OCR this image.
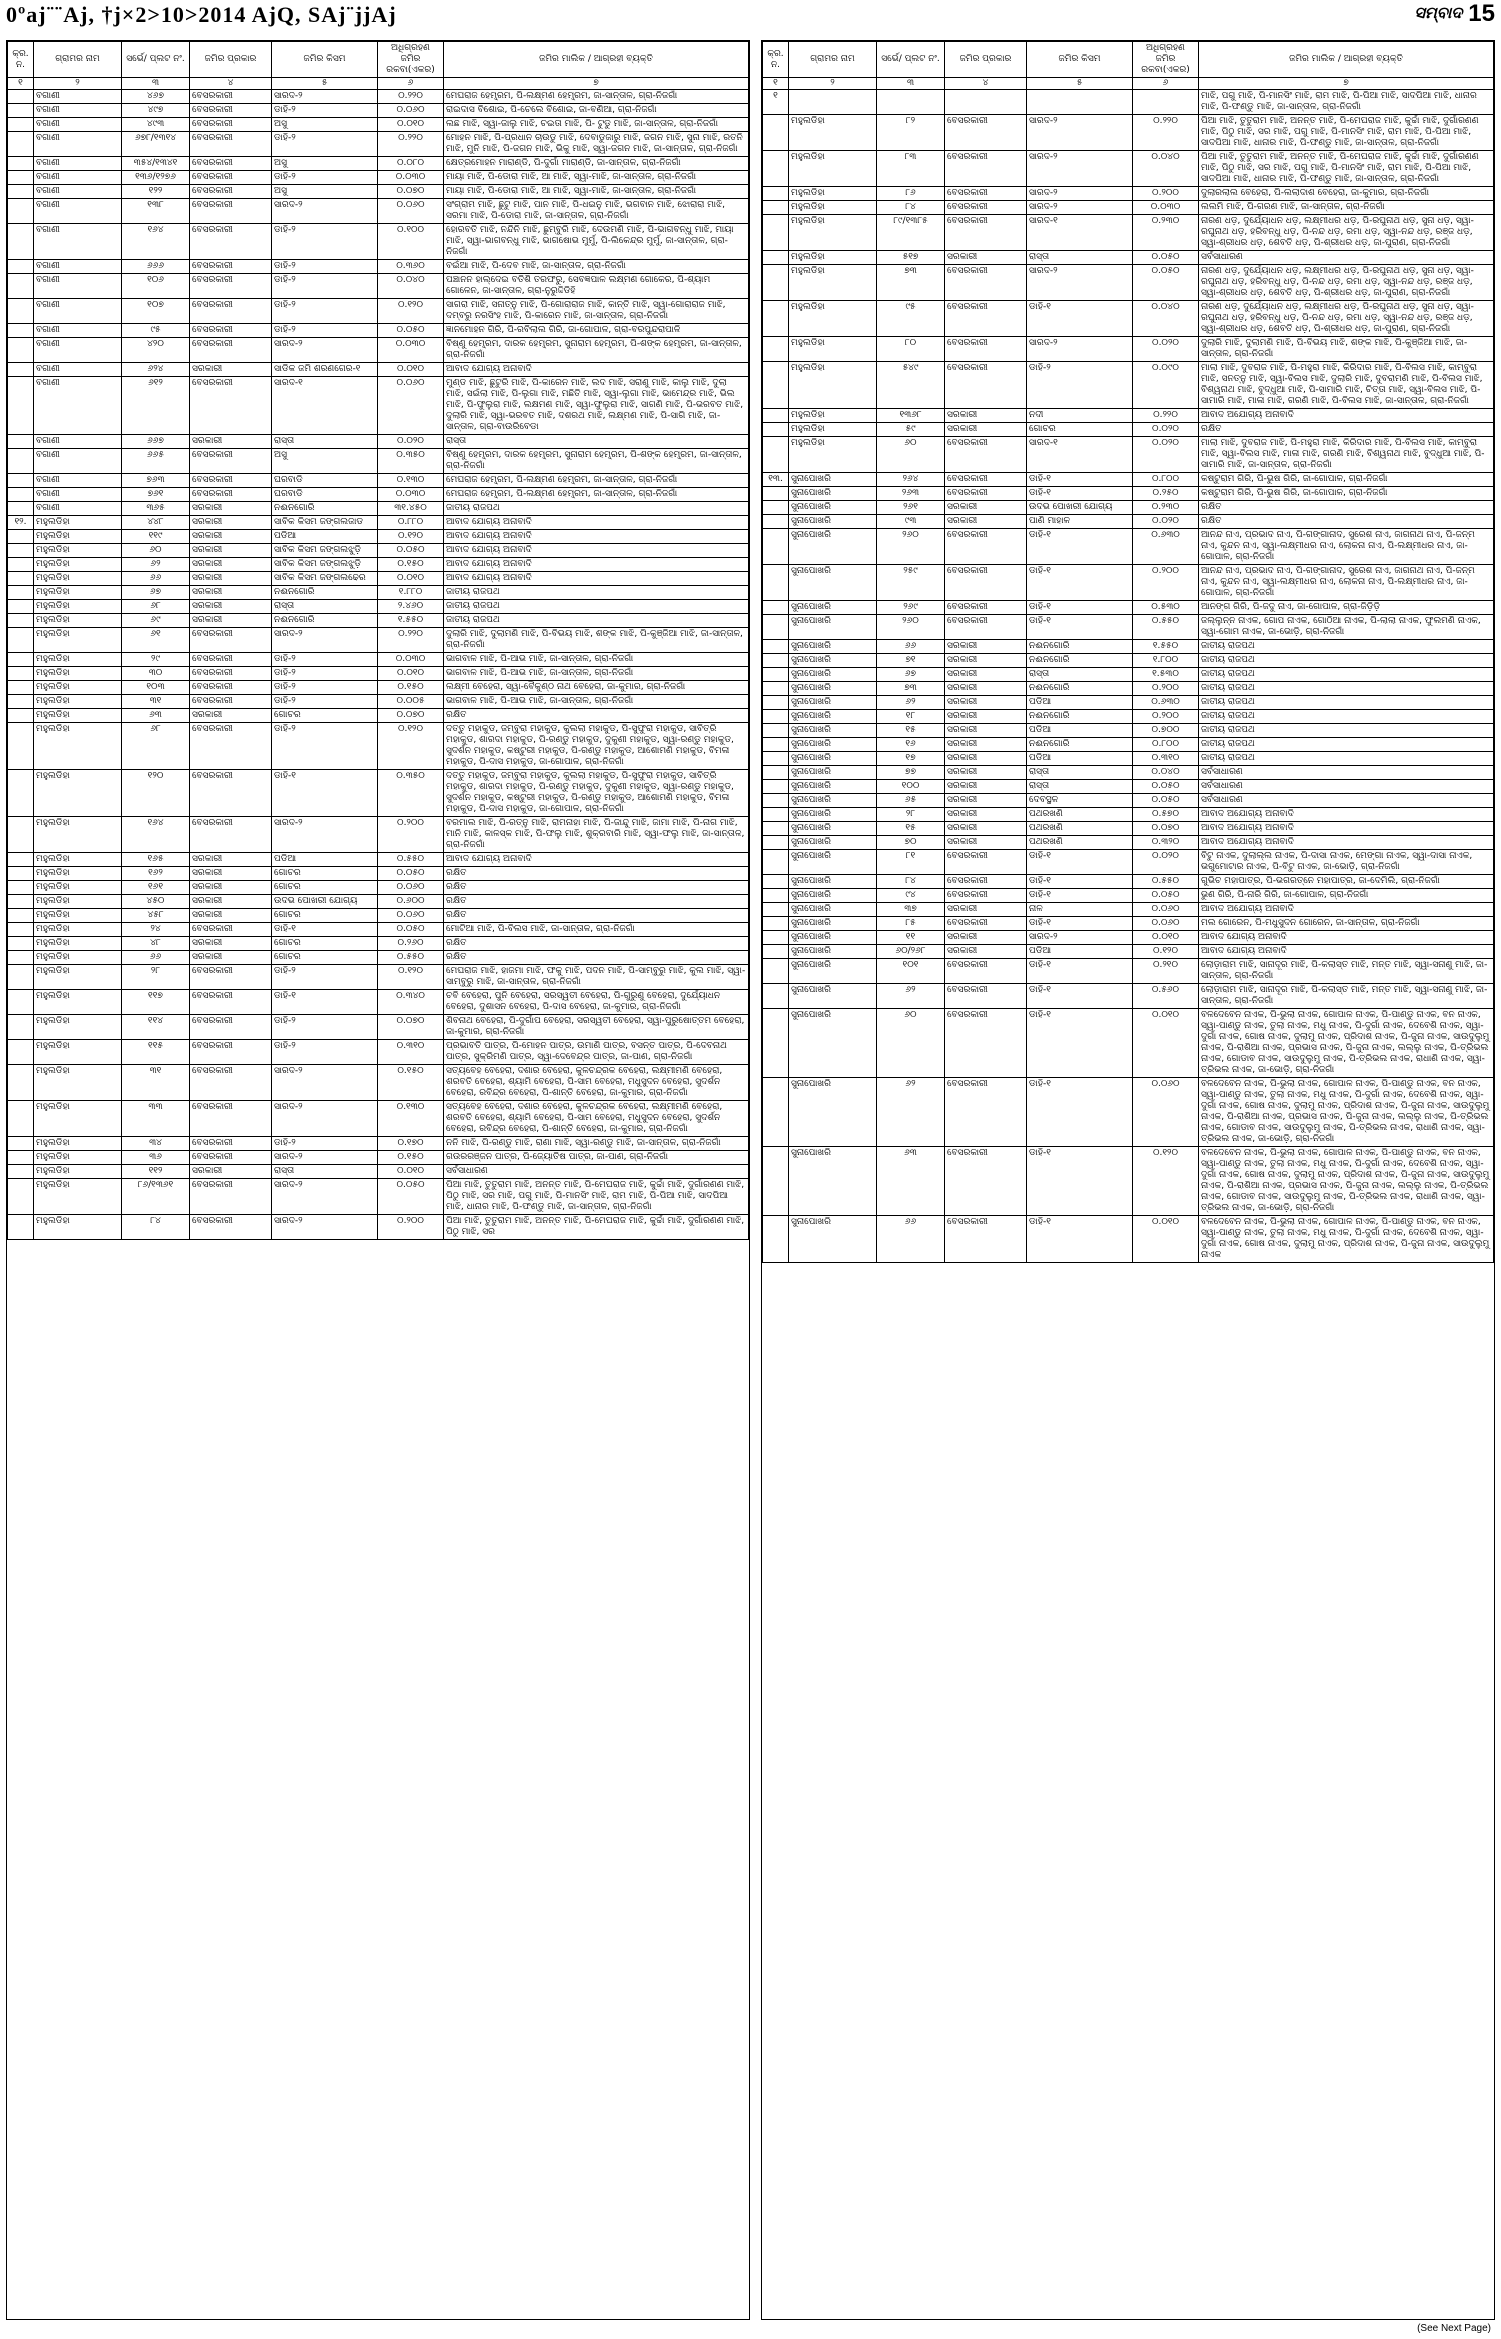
0ºaj¨¨Aj, †j×2>10>2014 AjQ, SAj¨jjAj	ସମ୍ବାଦ 15
କ୍ର. ନ.	ଗ୍ରାମର ନାମ	ସର୍ଭେ/ ପ୍ଲଟ ନଂ.	ଜମିର ପ୍ରକାର	ଜମିର କିସମ	ଅଧିଗ୍ରହଣ ଜମିର ରକବା(ଏକର)	ଜମିର ମାଲିକ / ଆଗ୍ରହୀ ବ୍ୟକ୍ତି
୧	୨	୩	୪	୫	୬	୭
	ବଗାଣୀ	୪୬୭	ବେସରକାରୀ	ସାରଦ-୨	୦.୨୨୦	ମେଘରାଜ ହେମ୍ବ୍ରମ, ପି-ଲକ୍ଷ୍ମଣ ହେମ୍ବ୍ରମ, ଜା-ସାନ୍ତାଳ, ଗ୍ରା-ନିଜଗାଁ
	ବଗାଣୀ	୪୯୭	ବେସରକାରୀ	ଡାହି-୨	୦.୦୬୦	ରାଇଦାସ ବିଶୋଇ, ପି-ଚେଲେ ବିଶୋଇ, ଜା-ବଣିଆ, ଗ୍ରା-ନିଜଗାଁ
	ବଗାଣୀ	୪୯୩	ବେସରକାରୀ	ଅସୁ	୦.୦୧୦	ଲଛ ମାଝି, ସ୍ୱା-ଜାଲୁ ମାଝି, ଚଇତା ମାଝି, ପି- ଟୁଡୁ ମାଝି, ଜା-ସାନ୍ତାଳ, ଗ୍ରା-ନିଜଗାଁ
	ବଗାଣୀ	୬୭୮/୧୩୧୪	ବେସରକାରୀ	ଡାହି-୨	୦.୨୨୦	ମୋହନ ମାଝି, ପି-ପ୍ରଧାନ ଚାଉଡୁ ମାଝି, ଦେବାଡୁଜାରୁ ମାଝି, ଜଗନ ମାଝି, ସୁନା ମାଝି, ରତନି ମାଝି, ମୁନି ମାଝି, ପି-ଜଗନ ମାଝି, ଭିକୁ ମାଝି, ସ୍ୱା-ଜଗନ ମାଝି, ଜା-ସାନ୍ତାଳ, ଗ୍ରା-ନିଜଗାଁ
	ବଗାଣୀ	୩୫୪/୧୩୪୧	ବେସରକାରୀ	ଅସୁ	୦.୦୮୦	କ୍ଷେତ୍ରମୋହନ ମାରାଣ୍ଡି, ପି-ଦୁର୍ଗା ମାରାଣ୍ଡି, ଜା-ସାନ୍ତାଳ, ଗ୍ରା-ନିଜଗାଁ
	ବଗାଣୀ	୧୩୬/୧୨୭୬	ବେସରକାରୀ	ଡାହି-୨	୦.୦୩୦	ମାୟା ମାଝି, ପି-ଡୋରା ମାଝି, ଆ ମାଝି, ସ୍ୱା-ମାଝି, ଜା-ସାନ୍ତାଳ, ଗ୍ରା-ନିଜଗାଁ
	ବଗାଣୀ	୧୨୨	ବେସରକାରୀ	ଅସୁ	୦.୦୭୦	ମାୟା ମାଝି, ପି-ଡୋରା ମାଝି, ଆ ମାଝି, ସ୍ୱା-ମାଝି, ଜା-ସାନ୍ତାଳ, ଗ୍ରା-ନିଜଗାଁ
	ବଗାଣୀ	୧୩୮	ବେସରକାରୀ	ସାରଦ-୨	୦.୦୬୦	ସଂଗ୍ରାମ ମାଝି, ଛୁଟୁ ମାଝି, ପାନ ମାଝି, ପି-ଧଇନୁ ମାଝି, ଭଗବାନ ମାଝି, ଝୋରାରା ମାଝି, ସରମା ମାଝି, ପି-ଡୋରା ମାଝି, ଜା-ସାନ୍ତାଳ, ଗ୍ରା-ନିଜଗାଁ
	ବଗାଣୀ	୧୬୪	ବେସରକାରୀ	ଡାହି-୨	୦.୧୦୦	ହୋରବତି ମାଝି, ନନ୍ଦିନି ମାଝି, ଛୁମ୍ବୁରି ମାଝି, ଦେଉମଣି ମାଝି, ପି-ଭାଗବନ୍ଧୁ ମାଝି, ମାୟା ମାଝି, ସ୍ୱା-ଭାଗବନ୍ଧୁ ମାଝି, ଭାଗଷୋଭ ମୁର୍ମୁ, ପି-ଲିକେନ୍ଦ୍ର ମୁର୍ମୁ, ଜା-ସାନ୍ତାଳ, ଗ୍ରା-ନିଜଗାଁ
	ବଗାଣୀ	୬୬୬	ବେସରକାରୀ	ଡାହି-୨	୦.୩୬୦	ବଇଁଆ ମାଝି, ପି-ଦେବ ମାଝି, ଜା-ସାନ୍ତାଳ, ଗ୍ରା-ନିଜଗାଁ
	ବଗାଣୀ	୧୦୬	ବେସରକାରୀ	ଡାହି-୨	୦.୦୪୦	ପଞ୍ଚାନନ ହାଲ୍ଦେଇ ବତିଶି ତରଫରୁ, ସେବଜ୍ଞପାଳ ଲକ୍ଷ୍ମଣ ଗୋକେର, ପି-ଶ୍ୟାମ ଗୋଳେନ, ଜା-ସାନ୍ତାଳ, ଗ୍ରା-ନୁରୁଦ୍ଦିଡିହି
	ବଗାଣୀ	୧୦୭	ବେସରକାରୀ	ଡାହି-୨	୦.୧୨୦	ସାଗରା ମାଝି, ସନାତ୍ନୁ ମାଝି, ପି-ଗୋରାରାଜ ମାଝି, କାନ୍ତି ମାଝି, ସ୍ୱା-ଗୋରାରାଜ ମାଝି, ଦମ୍ବରୁ ନରସିଂହ ମାଝି, ପି-କାରେନ ମାଝି, ଜା-ସାନ୍ତାଳ, ଗ୍ରା-ନିଜଗାଁ
	ବଗାଣୀ	୯୫	ବେସରକାରୀ	ଡାହି-୨	୦.୦୫୦	ଜ୍ଞାନମୋହନ ଗିରି, ପି-ରବିଲାଲ ଗିରି, ଜା-ଗୋପାଳ, ଗ୍ରା-ବରପୁନ୍ଦରାପାଳି
	ବଗାଣୀ	୪୨୦	ବେସରକାରୀ	ସାରଦ-୨	୦.୦୩୦	ବିଷ୍ଣୁ ହେମ୍ବ୍ରମ, ଦାରକ ହେମ୍ବ୍ରମ, ସୁନାରାମ ହେମ୍ବ୍ରମ, ପି-ଶଙ୍କ ହେମ୍ବ୍ରମ, ଜା-ସାନ୍ତାଳ, ଗ୍ରା-ନିଜଗାଁ
	ବଗାଣୀ	୬୨୪	ସରକାରୀ	ସାଡିକ ଜମି ଶରଣଗେର-୧	୦.୦୧୦	ଆବାଦ ଯୋଗ୍ୟ ଅନାବାଦି
	ବଗାଣୀ	୬୧୨	ବେସରକାରୀ	ସାରଦ-୧	୦.୦୬୦	ମୁଣ୍ଡ ମାଝି, ଛୁଟୁରି ମାଝି, ପି-କାରେନ ମାଝି, ଲଦ ମାଝି, ସରାଣୁ ମାଝି, କାଲୁ ମାଝି, ଦୁଲା ମାଝି, ସଇଁଲା ମାଝି, ପି-ଲୁଗା ମାଝି, ମଛିତି ମାଝି, ସ୍ୱା-ଲୁଗା ମାଝି, ଭାମେନ୍ଦ୍ର ମାଝି, ଭିଲ ମାଝି, ପି-ଫୁଲୁରା ମାଝି, ଲକ୍ଷମଣ ମାଝି, ସ୍ୱା-ଫୁଲୁରା ମାଝି, ସାଗଣି ମାଝି, ପି-ଭରବତ ମାଝି, ଦୁଲାରି ମାଝି, ସ୍ୱା-ଭରବତ ମାଝି, ଦଶରଥ ମାଝି, ଲକ୍ଷ୍ମଣ ମାଝି, ପି-ସାଗି ମାଝି, ଜା-ସାନ୍ତାଳ, ଗ୍ରା-ବାଉରିବେଡା
	ବଗାଣୀ	୬୬୭	ସରକାରୀ	ରାସ୍ତା	୦.୦୨୦	ରାସ୍ତା
	ବଗାଣୀ	୬୬୫	ବେସରକାରୀ	ଅସୁ	୦.୩୫୦	ବିଷ୍ଣୁ ହେମ୍ବ୍ରମ, ଦାରକ ହେମ୍ବ୍ରମ, ସୁନାରାମ ହେମ୍ବ୍ରମ, ପି-ଶଙ୍କ ହେମ୍ବ୍ରମ, ଜା-ସାନ୍ତାଳ, ଗ୍ରା-ନିଜଗାଁ
	ବଗାଣୀ	୭୬୩	ବେସରକାରୀ	ଘରବାଡି	୦.୧୩୦	ମେଘରାଜ ହେମ୍ବ୍ରମ, ପି-ଲକ୍ଷ୍ମଣ ହେମ୍ବ୍ରମ, ଜା-ସାନ୍ତାଳ, ଗ୍ରା-ନିଜଗାଁ
	ବଗାଣୀ	୭୬୧	ବେସରକାରୀ	ଘରବାଡି	୦.୦୩୦	ମେଘରାଜ ହେମ୍ବ୍ରମ, ପି-ଲକ୍ଷ୍ମଣ ହେମ୍ବ୍ରମ, ଜା-ସାନ୍ତାଳ, ଗ୍ରା-ନିଜଗାଁ
	ବଗାଣୀ	୩୬୫	ସରକାରୀ	ନଈନଗୋରି	୩୧.୪୫୦	ଜାତୀୟ ରାଜପଥ
୧୨.	ମହୁଲଡିହା	୪୪୮	ସରକାରୀ	ସାବିକ କିସମ ଜଙ୍ଗଲଜାଡ	୦.୮୮୦	ଆବାଦ ଯୋଗ୍ୟ ଅନାବାଦି
	ମହୁଲଡିହା	୧୧୯	ସରକାରୀ	ପଡିଆ	୦.୧୨୦	ଆବାଦ ଯୋଗ୍ୟ ଅନାବାଦି
	ମହୁଲଡିହା	୬୦	ସରକାରୀ	ସାବିକ କିସମ ଜଙ୍ଗଲଝୁଡ଼ି	୦.୦୫୦	ଆବାଦ ଯୋଗ୍ୟ ଅନାବାଦି
	ମହୁଲଡିହା	୬୨	ସରକାରୀ	ସାବିକ କିସମ ଜଙ୍ଗଲଝୁଡ଼ି	୦.୧୫୦	ଆବାଦ ଯୋଗ୍ୟ ଅନାବାଦି
	ମହୁଲଡିହା	୬୬	ସରକାରୀ	ସାବିକ କିସମ ଜଙ୍ଗଲଢେର	୦.୦୧୦	ଆବାଦ ଯୋଗ୍ୟ ଅନାବାଦି
	ମହୁଲଡିହା	୬୭	ସରକାରୀ	ନଈନଗୋରି	୧.୮୮୦	ଜାତୀୟ ରାଜପଥ
	ମହୁଲଡିହା	୬୮	ସରକାରୀ	ରାସ୍ତା	୨.୪୬୦	ଜାତୀୟ ରାଜପଥ
	ମହୁଲଡିହା	୬୯	ସରକାରୀ	ନଈନଗୋରି	୧.୫୫୦	ଜାତୀୟ ରାଜପଥ
	ମହୁଲଡିହା	୬୧	ବେସରକାରୀ	ସାରଦ-୨	୦.୨୨୦	ଦୁଲାରି ମାଝି, ଦୁଲାମଣି ମାଝି, ପି-ବିଭୟ ମାଝି, ଶଙ୍କ ମାଝି, ପି-କୁଞ୍ଜିଆ ମାଝି, ଜା-ସାନ୍ତାଳ, ଗ୍ରା-ନିଜଗାଁ
	ମହୁଲଡିହା	୨୯	ବେସରକାରୀ	ଡାହି-୨	୦.୦୩୦	ଭାଗବାଳ ମାଝି, ପି-ଆଭ ମାଝି, ଜା-ସାନ୍ତାଳ, ଗ୍ରା-ନିଜଗାଁ
	ମହୁଲଡିହା	୩୦	ବେସରକାରୀ	ଡାହି-୨	୦.୦୧୦	ଭାଗବାଳ ମାଝି, ପି-ଆଭ ମାଝି, ଜା-ସାନ୍ତାଳ, ଗ୍ରା-ନିଜଗାଁ
	ମହୁଲଡିହା	୧୦୩	ବେସରକାରୀ	ଡାହି-୨	୦.୧୫୦	ଲକ୍ଷ୍ମୀ ବେହେରା, ସ୍ୱା-ବୈକୁଣ୍ଠ ନାଥ ବେହେରା, ଜା-କୁମାର, ଗ୍ରା-ନିଜଗାଁ
	ମହୁଲଡିହା	୩୧	ବେସରକାରୀ	ଡାହି-୨	୦.୦୦୫	ଭାଗବାଳ ମାଝି, ପି-ଆଭ ମାଝି, ଜା-ସାନ୍ତାଳ, ଗ୍ରା-ନିଜଗାଁ
	ମହୁଲଡିହା	୬୩	ସରକାରୀ	ଗୋଚର	୦.୦୭୦	ରକ୍ଷିତ
	ମହୁଲଡିହା	୬୮	ବେସରକାରୀ	ଡାହି-୨	୦.୧୨୦	ଦତ୍ତୁ ମହାକୁଡ, ଜମ୍ବୁରା ମହାକୁଡ, କୁଲଲା ମହାକୁଡ, ପି-ସୁଫୁରା ମହାକୁଡ, ସାବିତ୍ରି ମହାକୁଡ, ଶାରଦା ମହାକୁଡ, ପି-ରଣ୍ଡୁ ମହାକୁଡ, ଦୁକୁଣୀ ମହାକୁଡ, ସ୍ୱା-ରଣ୍ଡୁ ମହାକୁଡ, ସୁଦର୍ଶନ ମହାକୁଡ, କଷ୍ଟୁରୀ ମହାକୁଡ, ପି-ରଣ୍ଡୁ ମହାକୁଡ, ଆଶୋମଣି ମହାକୁଡ, ବିମଳା ମହାକୁଡ, ପି-ଦାସ ମହାକୁଡ, ଜା-ଗୋପାଳ, ଗ୍ରା-ନିଜଗାଁ
	ମହୁଲଡିହା	୧୨୦	ବେସରକାରୀ	ଡାହି-୧	୦.୩୫୦	ଦତ୍ତୁ ମହାକୁଡ, ଜମ୍ବୁରା ମହାକୁଡ, କୁଲଲା ମହାକୁଡ, ପି-ସୁଫୁରା ମହାକୁଡ, ସାବିତ୍ରି ମହାକୁଡ, ଶାରଦା ମହାକୁଡ, ପି-ରଣ୍ଡୁ ମହାକୁଡ, ଦୁକୁଣୀ ମହାକୁଡ, ସ୍ୱା-ରଣ୍ଡୁ ମହାକୁଡ, ସୁଦର୍ଶନ ମହାକୁଡ, କଷ୍ଟୁରୀ ମହାକୁଡ, ପି-ରଣ୍ଡୁ ମହାକୁଡ, ଆଶୋମଣି ମହାକୁଡ, ବିମଳା ମହାକୁଡ, ପି-ଦାସ ମହାକୁଡ, ଜା-ଗୋପାଳ, ଗ୍ରା-ନିଜଗାଁ
	ମହୁଲଡିହା	୧୬୪	ବେସରକାରୀ	ସାରଦ-୨	୦.୨୦୦	ବରମାଲ ମାଝି, ପି-ରତ୍ନୁ ମାଝି, ରାମନାହା ମାଝି, ପି-ଜାନ୍ଦୁ ମାଝି, ଜାମା ମାଝି, ପି-ନାଗ ମାଝି, ମାନି ମାଝି, କାଳସ୍କ ମାଝି, ପି-ଫଲୁ ମାଝି, ଶୁକ୍ରବାରି ମାଝି, ସ୍ୱା-ଫଲୁ ମାଝି, ଜା-ସାନ୍ତାଳ, ଗ୍ରା-ନିଜଗାଁ
	ମହୁଲଡିହା	୧୬୫	ସରକାରୀ	ପଡିଆ	୦.୫୫୦	ଆବାଦ ଯୋଗ୍ୟ ଅନାବାଦି
	ମହୁଲଡିହା	୧୬୨	ସରକାରୀ	ଗୋଚର	୦.୦୫୦	ରକ୍ଷିତ
	ମହୁଲଡିହା	୧୬୧	ସରକାରୀ	ଗୋଚର	୦.୦୬୦	ରକ୍ଷିତ
	ମହୁଲଡିହା	୪୫୦	ସରକାରୀ	ଉଦଭ ପୋଖରୀ ଯୋଗ୍ୟ	୦.୬୦୦	ରକ୍ଷିତ
	ମହୁଲଡିହା	୪୫୮	ସରକାରୀ	ଗୋଚର	୦.୦୬୦	ରକ୍ଷିତ
	ମହୁଲଡିହା	୨୪	ବେସରକାରୀ	ଡାହି-୧	୦.୦୫୦	ମୋଟିଆ ମାଝି, ପି-ବିଲସ ମାଝି, ଜା-ସାନ୍ତାଳ, ଗ୍ରା-ନିଜଗାଁ
	ମହୁଲଡିହା	୪୮	ସରକାରୀ	ଗୋଚର	୦.୨୬୦	ରକ୍ଷିତ
	ମହୁଲଡିହା	୬୬	ସରକାରୀ	ଗୋଚର	୦.୫୫୦	ରକ୍ଷିତ
	ମହୁଲଡିହା	୨୮	ବେସରକାରୀ	ଡାହି-୨	୦.୧୨୦	ମେଘରାଜ ମାଝି, ହାଜମା ମାଝି, ଫକୁ ମାଝି, ପଦନ ମାଝି, ପି-ସାମ୍ବୁରୁ ମାଝି, କୁଲ ମାଝି, ସ୍ୱା-ସାମ୍ବୁରୁ ମାଝି, ଜା-ସାନ୍ତାଳ, ଗ୍ରା-ନିଜଗାଁ
	ମହୁଲଡିହା	୧୧୭	ବେସରକାରୀ	ଡାହି-୧	୦.୩୪୦	ଚବି ବେହେରା, ପୁନି ବେହେରା, ସରସ୍ୱତୀ ବେହେରା, ପି-ଗୁରୁଣୁ ବେହେରା, ଦୁର୍ଯ୍ୟୋଧନ ବେହେରା, ଦୁଶାସନ ବେହେରା, ପି-ଦାସ ବେହେରା, ଜା-କୁମାର, ଗ୍ରା-ନିଜଗାଁ
	ମହୁଲଡିହା	୧୧୪	ବେସରକାରୀ	ଡାହି-୨	୦.୦୭୦	ଶିବନାଥ ବେହେରା, ପି-ଦୁର୍ଗାପ ବେହେରା, ସରସ୍ୱତୀ ବେହେରା, ସ୍ୱା-ପୁରୁଷୋତ୍ତମ ବେହେରା, ଜା-କୁମାର, ଗ୍ରା-ନିଜଗାଁ
	ମହୁଲଡିହା	୧୧୫	ବେସରକାରୀ	ଡାହି-୨	୦.୩୧୦	ପ୍ରଭାବତି ପାତ୍ର, ପି-ମୋହନ ପାତ୍ର, ଉମାଣି ପାତ୍ର, ବସନ୍ତ ପାତ୍ର, ପି-ଦେବନାଥ ପାତ୍ର, ସୁକ୍ରିମଣି ପାତ୍ର, ସ୍ୱା-ଦେବେନ୍ଦ୍ର ପାତ୍ର, ଜା-ପାଣ, ଗ୍ରା-ନିଜଗାଁ
	ମହୁଲଡିହା	୩୧	ବେସରକାରୀ	ସାରଦ-୨	୦.୧୫୦	ସତ୍ୟବେହ ବେହେରା, ଦଶାର ବେହେରା, କୁଳଚନ୍ଦ୍ରକ ବେହେରା, ଲକ୍ଷ୍ମୀମଣି ବେହେରା, ଶରବତି ବେହେରା, ଶ୍ୟାମି ବେହେରା, ପି-ସାମ ବେହେରା, ମଧୁସୁଦନ ବେହେରା, ସୁଦର୍ଶନ ବେହେରା, ରବିନ୍ଦ୍ର ବେହେରା, ପି-ଶାନ୍ତି ବେହେରା, ଜା-କୁମାର, ଗ୍ରା-ନିଜଗାଁ
	ମହୁଲଡିହା	୩୩	ବେସରକାରୀ	ସାରଦ-୨	୦.୧୩୦	ସତ୍ୟବେହ ବେହେରା, ଦଶାର ବେହେରା, କୁଳଚନ୍ଦ୍ରକ ବେହେରା, ଲକ୍ଷ୍ମୀମଣି ବେହେରା, ଶରବତି ବେହେରା, ଶ୍ୟାମି ବେହେରା, ପି-ସାମ ବେହେରା, ମଧୁସୁଦନ ବେହେରା, ସୁଦର୍ଶନ ବେହେରା, ରବିନ୍ଦ୍ର ବେହେରା, ପି-ଶାନ୍ତି ବେହେରା, ଜା-କୁମାର, ଗ୍ରା-ନିଜଗାଁ
	ମହୁଲଡିହା	୩୪	ବେସରକାରୀ	ଡାହି-୨	୦.୧୭୦	ନନି ମାଝି, ପି-ରଣ୍ଡୁ ମାଝି, ରାଣା ମାଝି, ସ୍ୱା-ରଣ୍ଡୁ ମାଝି, ଜା-ସାନ୍ତାଳ, ଗ୍ରା-ନିଜଗାଁ
	ମହୁଲଡିହା	୩୬	ବେସରକାରୀ	ସାରଦ-୨	୦.୧୫୦	ଗଉରରଞ୍ଜନ ପାତ୍ର, ପି-ଜ୍ୟୋତିଷ ପାତ୍ର, ଜା-ପାଣ, ଗ୍ରା-ନିଜଗାଁ
	ମହୁଲଡିହା	୧୧୨	ସରକାରୀ	ରାସ୍ତା	୦.୦୧୦	ସର୍ବସାଧାରଣ
	ମହୁଲଡିହା	୮୬/୧୩୬୧	ବେସରକାରୀ	ସାରଦ-୨	୦.୦୫୦	ପିଆ ମାଝି, ତୁତୁରାମ ମାଝି, ଅନନ୍ତ ମାଝି, ପି-ମେଘରାଜ ମାଝି, କୁର୍ଚ୍ଚା ମାଝି, ଦୁର୍ଗାରଣଣ ମାଝି, ପିଠୁ ମାଝି, ସର ମାଝି, ପଗୁ ମାଝି, ପି-ମାନସିଂ ମାଝି, ରାମ ମାଝି, ପି-ପିଆ ମାଝି, ସାଦପିଆ ମାଝି, ଧାନାର ମାଝି, ପି-ଫଣ୍ଡୁ ମାଝି, ଜା-ସାନ୍ତାଳ, ଗ୍ରା-ନିଜଗାଁ
	ମହୁଲଡିହା	୮୪	ବେସରକାରୀ	ସାରଦ-୨	୦.୨୦୦	ପିଆ ମାଝି, ତୁତୁରାମ ମାଝି, ଅନନ୍ତ ମାଝି, ପି-ମେଘରାଜ ମାଝି, କୁର୍ଚ୍ଚା ମାଝି, ଦୁର୍ଗାରଣଣ ମାଝି, ପିଠୁ ମାଝି, ସର
କ୍ର. ନ.	ଗ୍ରାମର ନାମ	ସର୍ଭେ/ ପ୍ଲଟ ନଂ.	ଜମିର ପ୍ରକାର	ଜମିର କିସମ	ଅଧିଗ୍ରହଣ ଜମିର ରକବା(ଏକର)	ଜମିର ମାଲିକ / ଆଗ୍ରହୀ ବ୍ୟକ୍ତି
୧	୨	୩	୪	୫	୬	୭
୧						ମାଝି, ପଗୁ ମାଝି, ପି-ମାନସିଂ ମାଝି, ରାମ ମାଝି, ପି-ପିଆ ମାଝି, ସାଦପିଆ ମାଝି, ଧାନାର ମାଝି, ପି-ଫଣ୍ଡୁ ମାଝି, ଜା-ସାନ୍ତାଳ, ଗ୍ରା-ନିଜଗାଁ
	ମହୁଲଡିହା	୮୨	ବେସରକାରୀ	ସାରଦ-୨	୦.୨୨୦	ପିଆ ମାଝି, ତୁତୁରାମ ମାଝି, ଅନନ୍ତ ମାଝି, ପି-ମେଘରାଜ ମାଝି, କୁର୍ଚ୍ଚା ମାଝି, ଦୁର୍ଗାରଣଣ ମାଝି, ପିଠୁ ମାଝି, ସର ମାଝି, ପଗୁ ମାଝି, ପି-ମାନସିଂ ମାଝି, ରାମ ମାଝି, ପି-ପିଆ ମାଝି, ସାଦପିଆ ମାଝି, ଧାନାର ମାଝି, ପି-ଫଣ୍ଡୁ ମାଝି, ଜା-ସାନ୍ତାଳ, ଗ୍ରା-ନିଜଗାଁ
	ମହୁଲଡିହା	୮୩	ବେସରକାରୀ	ସାରଦ-୨	୦.୦୪୦	ପିଆ ମାଝି, ତୁତୁରାମ ମାଝି, ଅନନ୍ତ ମାଝି, ପି-ମେଘରାଜ ମାଝି, କୁର୍ଚ୍ଚା ମାଝି, ଦୁର୍ଗାରଣଣ ମାଝି, ପିଠୁ ମାଝି, ସର ମାଝି, ପଗୁ ମାଝି, ପି-ମାନସିଂ ମାଝି, ରାମ ମାଝି, ପି-ପିଆ ମାଝି, ସାଦପିଆ ମାଝି, ଧାନାର ମାଝି, ପି-ଫଣ୍ଡୁ ମାଝି, ଜା-ସାନ୍ତାଳ, ଗ୍ରା-ନିଜଗାଁ
	ମହୁଲଡିହା	୮୬	ବେସରକାରୀ	ସାରଦ-୨	୦.୨୦୦	ଦୁଲାରଲାଲ ବେହେରା, ପି-ଲଲାଦାଶ ବେହେରା, ଜା-କୁମାର, ଗ୍ରା-ନିଜଗାଁ
	ମହୁଲଡିହା	୮୪	ବେସରକାରୀ	ସାରଦ-୨	୦.୦୩୦	ଲଲମି ମାଝି, ପି-ଗରଣ ମାଝି, ଜା-ସାନ୍ତାଳ, ଗ୍ରା-ନିଜଗାଁ
	ମହୁଲଡିହା	୮୯/୧୩୮୫	ବେସରକାରୀ	ସାରଦ-୧	୦.୨୩୦	ନାରଣ ଧଡ଼, ଦୁର୍ଯ୍ୟୋଧନ ଧଡ଼, ଲକ୍ଷ୍ମୀଧର ଧଡ଼, ପି-ରଘୁନାଥ ଧଡ଼, ସୁନା ଧଡ଼, ସ୍ୱା-ରଘୁନାଥ ଧଡ଼, ହରିବନ୍ଧୁ ଧଡ଼, ପି-ନନ୍ଦ ଧଡ଼, ରମା ଧଡ଼, ସ୍ୱା-ନନ୍ଦ ଧଡ଼, ରଞ୍ଜ ଧଡ଼, ସ୍ୱା-ଶ୍ରୀଧର ଧଡ଼, ଶେବତି ଧଡ଼, ପି-ଶ୍ରୀଧର ଧଡ଼, ଜା-ପୁରାଣ, ଗ୍ରା-ନିଜଗାଁ
	ମହୁଲଡିହା	୫୧୭	ସରକାରୀ	ରାସ୍ତା	୦.୦୫୦	ସର୍ବସାଧାରଣ
	ମହୁଲଡିହା	୭୩	ବେସରକାରୀ	ସାରଦ-୨	୦.୦୫୦	ନାରଣ ଧଡ଼, ଦୁର୍ଯ୍ୟୋଧନ ଧଡ଼, ଲକ୍ଷ୍ମୀଧର ଧଡ଼, ପି-ରଘୁନାଥ ଧଡ଼, ସୁନା ଧଡ଼, ସ୍ୱା-ରଘୁନାଥ ଧଡ଼, ହରିବନ୍ଧୁ ଧଡ଼, ପି-ନନ୍ଦ ଧଡ଼, ରମା ଧଡ଼, ସ୍ୱା-ନନ୍ଦ ଧଡ଼, ରଞ୍ଜ ଧଡ଼, ସ୍ୱା-ଶ୍ରୀଧର ଧଡ଼, ଶେବତି ଧଡ଼, ପି-ଶ୍ରୀଧର ଧଡ଼, ଜା-ପୁରାଣ, ଗ୍ରା-ନିଜଗାଁ
	ମହୁଲଡିହା	୯୫	ବେସରକାରୀ	ଡାହି-୧	୦.୦୪୦	ନାରଣ ଧଡ଼, ଦୁର୍ଯ୍ୟୋଧନ ଧଡ଼, ଲକ୍ଷ୍ମୀଧର ଧଡ଼, ପି-ରଘୁନାଥ ଧଡ଼, ସୁନା ଧଡ଼, ସ୍ୱା-ରଘୁନାଥ ଧଡ଼, ହରିବନ୍ଧୁ ଧଡ଼, ପି-ନନ୍ଦ ଧଡ଼, ରମା ଧଡ଼, ସ୍ୱା-ନନ୍ଦ ଧଡ଼, ରଞ୍ଜ ଧଡ଼, ସ୍ୱା-ଶ୍ରୀଧର ଧଡ଼, ଶେବତି ଧଡ଼, ପି-ଶ୍ରୀଧର ଧଡ଼, ଜା-ପୁରାଣ, ଗ୍ରା-ନିଜଗାଁ
	ମହୁଲଡିହା	୮୦	ବେସରକାରୀ	ସାରଦ-୨	୦.୦୨୦	ଦୁଲାରି ମାଝି, ଦୁଲାମଣି ମାଝି, ପି-ବିଭୟ ମାଝି, ଶଙ୍କ ମାଝି, ପି-କୁଞ୍ଜିଆ ମାଝି, ଜା-ସାନ୍ତାଳ, ଗ୍ରା-ନିଜଗାଁ
	ମହୁଲଡିହା	୫୪୯	ବେସରକାରୀ	ଡାହି-୨	୦.୦୯୦	ମାଲା ମାଝି, ଦୁବରାଜ ମାଝି, ପି-ମହୁରା ମାଝି, କିରିଦାର ମାଝି, ପି-ବିଲସ ମାଝି, କାମ୍ବୁରା ମାଝି, ସନତ୍ନୁ ମାଝି, ସ୍ୱା-ବିଲସ ମାଝି, ଦୁଲାରି ମାଝି, ଦୁବରାମଣି ମାଝି, ପି-ବିଲସ ମାଝି, ବିଶ୍ୱନାଥ ମାଝି, ବୁଦ୍ଧୁଆ ମାଝି, ପି-ସାମାରି ମାଝି, ଚିତ୍ତା ମାଝି, ସ୍ୱା-ବିଲସ ମାଝି, ପି-ସାମାରି ମାଝି, ମାଳା ମାଝି, ଗରଣି ମାଝି, ପି-ବିଲସ ମାଝି, ଜା-ସାନ୍ତାଳ, ଗ୍ରା-ନିଜଗାଁ
	ମହୁଲଡିହା	୧୩୬୮	ସରକାରୀ	ନଦୀ	୦.୨୨୦	ଆବାଦ ଅଯୋଗ୍ୟ ଅନାବାଦି
	ମହୁଲଡିହା	୫୯	ସରକାରୀ	ଗୋଚର	୦.୦୨୦	ରକ୍ଷିତ
	ମହୁଲଡିହା	୬୦	ବେସରକାରୀ	ସାରଦ-୧	୦.୦୨୦	ମାଲା ମାଝି, ଦୁବରାଜ ମାଝି, ପି-ମହୁରା ମାଝି, କିରିଦାର ମାଝି, ପି-ବିଲସ ମାଝି, କାମ୍ବୁରା ମାଝି, ସ୍ୱା-ବିଲସ ମାଝି, ମାଳା ମାଝି, ଗରଣି ମାଝି, ବିଶ୍ୱନାଥ ମାଝି, ବୁଦ୍ଧୁଆ ମାଝି, ପି-ସାମାରି ମାଝି, ଜା-ସାନ୍ତାଳ, ଗ୍ରା-ନିଜଗାଁ
୧୩.	ସୁନାପୋଖରି	୨୬୪	ବେସରକାରୀ	ଡାହି-୧	୦.୮୦୦	କଷ୍ଟୁରାମ ଗିରି, ପି-ଭୁଷ ଗିରି, ଜା-ଗୋପାଳ, ଗ୍ରା-ନିଜଗାଁ
	ସୁନାପୋଖରି	୨୬୩	ବେସରକାରୀ	ଡାହି-୧	୦.୨୫୦	କଷ୍ଟୁରାମ ଗିରି, ପି-ଭୁଷ ଗିରି, ଜା-ଗୋପାଳ, ଗ୍ରା-ନିଜଗାଁ
	ସୁନାପୋଖରି	୨୬୧	ସରକାରୀ	ଉଦଭ ପୋଖରୀ ଯୋଗ୍ୟ	୦.୨୩୦	ରକ୍ଷିତ
	ସୁନାପୋଖରି	୯୩	ସରକାରୀ	ପାଣି ମାହାଳ	୦.୦୨୦	ରକ୍ଷିତ
	ସୁନାପୋଖରି	୨୬୦	ବେସରକାରୀ	ଡାହି-୧	୦.୬୩୦	ଆନନ୍ଦ ନାଏ, ପ୍ରଭାଦ ନାଏ, ପି-ଗଙ୍ଗାନାଦ, ସୁରେଶ ନାଏ, ଜାଗନାଥ ନାଏ, ପି-ଜନ୍ମ ନାଏ, କୁନ୍ଦନ ନାଏ, ସ୍ୱା-ଲକ୍ଷ୍ମୀଧର ନାଏ, ଲୋକନା ନାଏ, ପି-ଲକ୍ଷ୍ମୀଧର ନାଏ, ଜା-ଗୋପାଳ, ଗ୍ରା-ନିଜଗାଁ
	ସୁନାପୋଖରି	୨୫୯	ବେସରକାରୀ	ଡାହି-୧	୦.୨୦୦	ଆନନ୍ଦ ନାଏ, ପ୍ରଭାଦ ନାଏ, ପି-ଗଙ୍ଗାନାଦ, ସୁରେଶ ନାଏ, ଜାଗନାଥ ନାଏ, ପି-ଜନ୍ମ ନାଏ, କୁନ୍ଦନ ନାଏ, ସ୍ୱା-ଲକ୍ଷ୍ମୀଧର ନାଏ, ଲୋକନା ନାଏ, ପି-ଲକ୍ଷ୍ମୀଧର ନାଏ, ଜା-ଗୋପାଳ, ଗ୍ରା-ନିଜଗାଁ
	ସୁନାପୋଖରି	୨୬୯	ବେସରକାରୀ	ଡାହି-୧	୦.୫୩୦	ଆନଙ୍ଗ ଗିରି, ପି-ଜଦୁ ନାଏ, ଜା-ଗୋପାଳ, ଗ୍ରା-ଜିଡ଼ିଡ଼ି
	ସୁନାପୋଖରି	୨୬୦	ବେସରକାରୀ	ଡାହି-୧	୦.୫୫୦	ଜଲ୍ଲୁନ୍ନ ନାଏକ, ଗୋପ ନାଏକ, ଗୋଠିଆ ନାଏକ, ପି-ଲାଲା ନାଏକ, ଫୁଲମଣି ନାଏକ, ସ୍ୱା-ଗୋମ ନାଏକ, ଜା-ଭୋଡ଼ି, ଗ୍ରା-ନିଜଗାଁ
	ସୁନାପୋଖରି	୬୬	ସରକାରୀ	ନଈନଗୋରି	୧.୫୫୦	ଜାତୀୟ ରାଜପଥ
	ସୁନାପୋଖରି	୭୧	ସରକାରୀ	ନଈନଗୋରି	୧.୮୦୦	ଜାତୀୟ ରାଜପଥ
	ସୁନାପୋଖରି	୬୭	ସରକାରୀ	ରାସ୍ତା	୧.୫୩୦	ଜାତୀୟ ରାଜପଥ
	ସୁନାପୋଖରି	୭୩	ସରକାରୀ	ନଈନଗୋରି	୦.୨୦୦	ଜାତୀୟ ରାଜପଥ
	ସୁନାପୋଖରି	୬୨	ସରକାରୀ	ପଡିଆ	୦.୬୩୦	ଜାତୀୟ ରାଜପଥ
	ସୁନାପୋଖରି	୧୮	ସରକାରୀ	ନଈନଗୋରି	୦.୨୦୦	ଜାତୀୟ ରାଜପଥ
	ସୁନାପୋଖରି	୧୫	ସରକାରୀ	ପଡିଆ	୦.୭୦୦	ଜାତୀୟ ରାଜପଥ
	ସୁନାପୋଖରି	୧୬	ସରକାରୀ	ନଈନଗୋରି	୦.୮୦୦	ଜାତୀୟ ରାଜପଥ
	ସୁନାପୋଖରି	୧୭	ସରକାରୀ	ପଡିଆ	୦.୩୧୦	ଜାତୀୟ ରାଜପଥ
	ସୁନାପୋଖରି	୭୭	ସରକାରୀ	ରାସ୍ତା	୦.୦୪୦	ସର୍ବସାଧାରଣ
	ସୁନାପୋଖରି	୧୦୦	ସରକାରୀ	ରାସ୍ତା	୦.୦୫୦	ସର୍ବସାଧାରଣ
	ସୁନାପୋଖରି	୬୫	ସରକାରୀ	ଦେବସ୍ଥଳ	୦.୦୫୦	ସର୍ବସାଧାରଣ
	ସୁନାପୋଖରି	୨୮	ସରକାରୀ	ପଥରଖଣି	୦.୫୭୦	ଆବାଦ ଅଯୋଗ୍ୟ ଅନାବାଦି
	ସୁନାପୋଖରି	୧୫	ସରକାରୀ	ପଥରଖଣି	୦.୦୭୦	ଆବାଦ ଅଯୋଗ୍ୟ ଅନାବାଦି
	ସୁନାପୋଖରି	୭୦	ସରକାରୀ	ପଥରଖଣି	୦.୩୨୦	ଆବାଦ ଅଯୋଗ୍ୟ ଅନାବାଦି
	ସୁନାପୋଖରି	୮୧	ବେସରକାରୀ	ଡାହି-୧	୦.୦୨୦	ବିଟୁ ନାଏକ, ଦୁଲାଲ୍ଲ ନାଏକ, ପି-ଦାସା ନାଏକ, ମେଙ୍ଗା ନାଏକ, ସ୍ୱା-ଦାସା ନାଏକ, ଭଗୁମୋଟାର ନାଏକ, ପି-ବିଟୁ ନାଏକ, ଜା-ଭୋଡ଼ି, ଗ୍ରା-ନିଜଗାଁ
	ସୁନାପୋଖରି	୮୪	ବେସରକାରୀ	ଡାହି-୧	୦.୫୫୦	ଗୁଭିଚ ମହାପାତ୍ର, ପି-ଭଗରତ୍ନେ ମହାପାତ୍ର, ଜା-ଦେମିଲି, ଗ୍ରା-ନିଜଗାଁ
	ସୁନାପୋଖରି	୯୪	ବେସରକାରୀ	ଡାହି-୧	୦.୦୫୦	ଭୁଣ ଗିରି, ପି-ନାରି ଗିରି, ଜା-ଗୋପାଳ, ଗ୍ରା-ନିଜଗାଁ
	ସୁନାପୋଖରି	୩୭	ସରକାରୀ	ନାଳ	୦.୦୬୦	ଆବାଦ ଅଯୋଗ୍ୟ ଅନାବାଦି
	ସୁନାପୋଖରି	୮୫	ବେସରକାରୀ	ଡାହି-୧	୦.୦୬୦	ମଲ ଗୋରେନ, ପି-ମଧୁସୁଦନ ଗୋରେନ, ଜା-ସାନ୍ତାଳ, ଗ୍ରା-ନିଜଗାଁ
	ସୁନାପୋଖରି	୧୧	ସରକାରୀ	ସାରଦ-୨	୦.୦୧୦	ଆବାଦ ଯୋଗ୍ୟ ଅନାବାଦି
	ସୁନାପୋଖରି	୬୦/୨୬୮	ସରକାରୀ	ପଡିଆ	୦.୧୨୦	ଆବାଦ ଯୋଗ୍ୟ ଅନାବାଦି
	ସୁନାପୋଖରି	୧୦୧	ବେସରକାରୀ	ଡାହି-୧	୦.୨୧୦	ଲୋଡ଼ାରାମ ମାଝି, ସାନାଦୂର ମାଝି, ପି-କଲାସ୍ତ ମାଝି, ମନ୍ତ ମାଝି, ସ୍ୱା-ସନାଣୁ ମାଝି, ଜା-ସାନ୍ତାଳ, ଗ୍ରା-ନିଜଗାଁ
	ସୁନାପୋଖରି	୬୨	ବେସରକାରୀ	ଡାହି-୧	୦.୫୬୦	ଲୋଡ଼ାରାମ ମାଝି, ସାନାଦୂର ମାଝି, ପି-କଲାସ୍ତ ମାଝି, ମନ୍ତ ମାଝି, ସ୍ୱା-ସନାଣୁ ମାଝି, ଜା-ସାନ୍ତାଳ, ଗ୍ରା-ନିଜଗାଁ
	ସୁନାପୋଖରି	୬୦	ବେସରକାରୀ	ଡାହି-୧	୦.୦୧୦	ବଳଦେବେନ ନାଏକ, ପି-ଭୁଲା ନାଏକ, ଗୋପାଳ ନାଏକ, ପି-ପାଣ୍ଡୁ ନାଏକ, ବନ ନାଏକ, ସ୍ୱା-ପାଣ୍ଡୁ ନାଏକ, ତୁଲା ନାଏକ, ମଧୁ ନାଏକ, ପି-ଦୁର୍ଗା ନାଏକ, ଦେବେଶି ନାଏକ, ସ୍ୱା-ଦୁର୍ଗା ନାଏକ, ଗୋଷ ନାଏକ, ଦୁଲାମୁ ନାଏକ, ପ୍ରିଦାଶ ନାଏକ, ପି-ଜୁନା ନାଏକ, ସାଉଦୁଲୁମୁ ନାଏକ, ପି-ରାଶିଆ ନାଏକ, ପ୍ରଭାସ ନାଏକ, ପି-ଜୁନା ନାଏକ, ଲଲ୍ଲୁ ନାଏକ, ପି-ତ୍ରିଭଲ ନାଏକ, ଗୋଡାବ ନାଏକ, ସାଉଦୁଲୁମୁ ନାଏକ, ପି-ତ୍ରିଭଲ ନାଏକ, ରାଧାଣି ନାଏକ, ସ୍ୱା-ତ୍ରିଭଲ ନାଏକ, ଜା-ଭୋଡ଼ି, ଗ୍ରା-ନିଜଗାଁ
	ସୁନାପୋଖରି	୬୨	ବେସରକାରୀ	ଡାହି-୧	୦.୦୬୦	ବଳଦେବେନ ନାଏକ, ପି-ଭୁଲା ନାଏକ, ଗୋପାଳ ନାଏକ, ପି-ପାଣ୍ଡୁ ନାଏକ, ବନ ନାଏକ, ସ୍ୱା-ପାଣ୍ଡୁ ନାଏକ, ତୁଲା ନାଏକ, ମଧୁ ନାଏକ, ପି-ଦୁର୍ଗା ନାଏକ, ଦେବେଶି ନାଏକ, ସ୍ୱା-ଦୁର୍ଗା ନାଏକ, ଗୋଷ ନାଏକ, ଦୁଲାମୁ ନାଏକ, ପ୍ରିଦାଶ ନାଏକ, ପି-ଜୁନା ନାଏକ, ସାଉଦୁଲୁମୁ ନାଏକ, ପି-ରାଶିଆ ନାଏକ, ପ୍ରଭାସ ନାଏକ, ପି-ଜୁନା ନାଏକ, ଲଲ୍ଲୁ ନାଏକ, ପି-ତ୍ରିଭଲ ନାଏକ, ଗୋଡାବ ନାଏକ, ସାଉଦୁଲୁମୁ ନାଏକ, ପି-ତ୍ରିଭଲ ନାଏକ, ରାଧାଣି ନାଏକ, ସ୍ୱା-ତ୍ରିଭଲ ନାଏକ, ଜା-ଭୋଡ଼ି, ଗ୍ରା-ନିଜଗାଁ
	ସୁନାପୋଖରି	୬୩	ବେସରକାରୀ	ଡାହି-୧	୦.୧୨୦	ବଳଦେବେନ ନାଏକ, ପି-ଭୁଲା ନାଏକ, ଗୋପାଳ ନାଏକ, ପି-ପାଣ୍ଡୁ ନାଏକ, ବନ ନାଏକ, ସ୍ୱା-ପାଣ୍ଡୁ ନାଏକ, ତୁଲା ନାଏକ, ମଧୁ ନାଏକ, ପି-ଦୁର୍ଗା ନାଏକ, ଦେବେଶି ନାଏକ, ସ୍ୱା-ଦୁର୍ଗା ନାଏକ, ଗୋଷ ନାଏକ, ଦୁଲାମୁ ନାଏକ, ପ୍ରିଦାଶ ନାଏକ, ପି-ଜୁନା ନାଏକ, ସାଉଦୁଲୁମୁ ନାଏକ, ପି-ରାଶିଆ ନାଏକ, ପ୍ରଭାସ ନାଏକ, ପି-ଜୁନା ନାଏକ, ଲଲ୍ଲୁ ନାଏକ, ପି-ତ୍ରିଭଲ ନାଏକ, ଗୋଡାବ ନାଏକ, ସାଉଦୁଲୁମୁ ନାଏକ, ପି-ତ୍ରିଭଲ ନାଏକ, ରାଧାଣି ନାଏକ, ସ୍ୱା-ତ୍ରିଭଲ ନାଏକ, ଜା-ଭୋଡ଼ି, ଗ୍ରା-ନିଜଗାଁ
	ସୁନାପୋଖରି	୬୬	ବେସରକାରୀ	ଡାହି-୧	୦.୦୧୦	ବଳଦେବେନ ନାଏକ, ପି-ଭୁଲା ନାଏକ, ଗୋପାଳ ନାଏକ, ପି-ପାଣ୍ଡୁ ନାଏକ, ବନ ନାଏକ, ସ୍ୱା-ପାଣ୍ଡୁ ନାଏକ, ତୁଲା ନାଏକ, ମଧୁ ନାଏକ, ପି-ଦୁର୍ଗା ନାଏକ, ଦେବେଶି ନାଏକ, ସ୍ୱା-ଦୁର୍ଗା ନାଏକ, ଗୋଷ ନାଏକ, ଦୁଲାମୁ ନାଏକ, ପ୍ରିଦାଶ ନାଏକ, ପି-ଜୁନା ନାଏକ, ସାଉଦୁଲୁମୁ ନାଏକ
(See Next Page)
